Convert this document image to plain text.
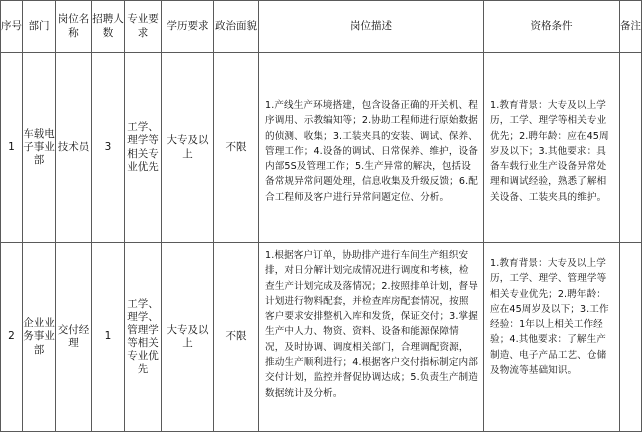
序号	部门	岗位名称	招聘人数	专业要求	学历要求	政治面貌	岗位描述	资格条件	备注
1	车载电子事业部	技术员	3	工学、理学等相关专业优先	大专及以上	不限	1.产线生产环境搭建，包含设备正确的开关机、程序调用、示教编知等；2.协助工程师进行原始数据的侦测、收集；3.工装夹具的安装、调试、保养、管理工作；4.设备的调试、日常保养、维护，设备内部5S及管理工作；5.生产异常的解决，包括设备常规异常问题处理，信息收集及升级反馈；6.配合工程师及客户进行异常问题定位、分析。	1.教育背景：大专及以上学历，工学、理学等相关专业优先；2.聘年龄：应在45周岁及以下；3.其他要求：具备车载行业生产设备异常处理和调试经验，熟悉了解相关设备、工装夹具的维护。	
2	企业业务事业部	交付经理	1	工学、理学、管理学等相关专业优先	大专及以上	不限	1.根据客户订单，协助排产进行车间生产组织安排，对日分解计划完成情况进行调度和考核，检查生产计划完成及落情况；2.按照排单计划，督导计划进行物料配套，并检查库房配套情况，按照客户要求安排整机入库和发货，保证交付；3.掌握生产中人力、物资、资料、设备和能源保障情况，及时协调、调度相关部门，合理调配资源，推动生产顺利进行；4.根据客户交付指标制定内部交付计划，监控并督促协调达成；5.负责生产制造数据统计及分析。	1.教育背景：大专及以上学历，工学、理学、管理学等相关专业优先；2.聘年龄：应在45周岁及以下；3.工作经验：1年以上相关工作经验；4.其他要求：了解生产制造、电子产品工艺、仓储及物流等基础知识。	
